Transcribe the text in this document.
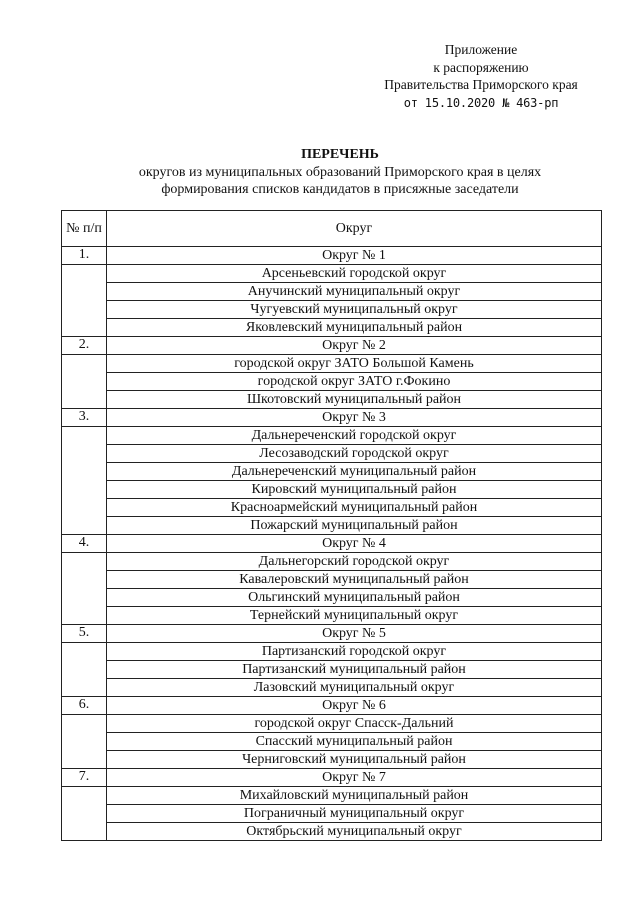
Приложение
к распоряжению
Правительства Приморского края
от 15.10.2020 № 463-рп
ПЕРЕЧЕНЬ
округов из муниципальных образований Приморского края в целях
формирования списков кандидатов в присяжные заседатели
№ п/п	Округ
1.	Округ № 1
	Арсеньевский городской округ
	Анучинский муниципальный округ
	Чугуевский муниципальный округ
	Яковлевский муниципальный район
2.	Округ № 2
	городской округ ЗАТО Большой Камень
	городской округ ЗАТО г.Фокино
	Шкотовский муниципальный район
3.	Округ № 3
	Дальнереченский городской округ
	Лесозаводский городской округ
	Дальнереченский муниципальный район
	Кировский муниципальный район
	Красноармейский муниципальный район
	Пожарский муниципальный район
4.	Округ № 4
	Дальнегорский городской округ
	Кавалеровский муниципальный район
	Ольгинский муниципальный район
	Тернейский муниципальный округ
5.	Округ № 5
	Партизанский городской округ
	Партизанский муниципальный район
	Лазовский муниципальный округ
6.	Округ № 6
	городской округ Спасск-Дальний
	Спасский муниципальный район
	Черниговский муниципальный район
7.	Округ № 7
	Михайловский муниципальный район
	Пограничный муниципальный округ
	Октябрьский муниципальный округ
